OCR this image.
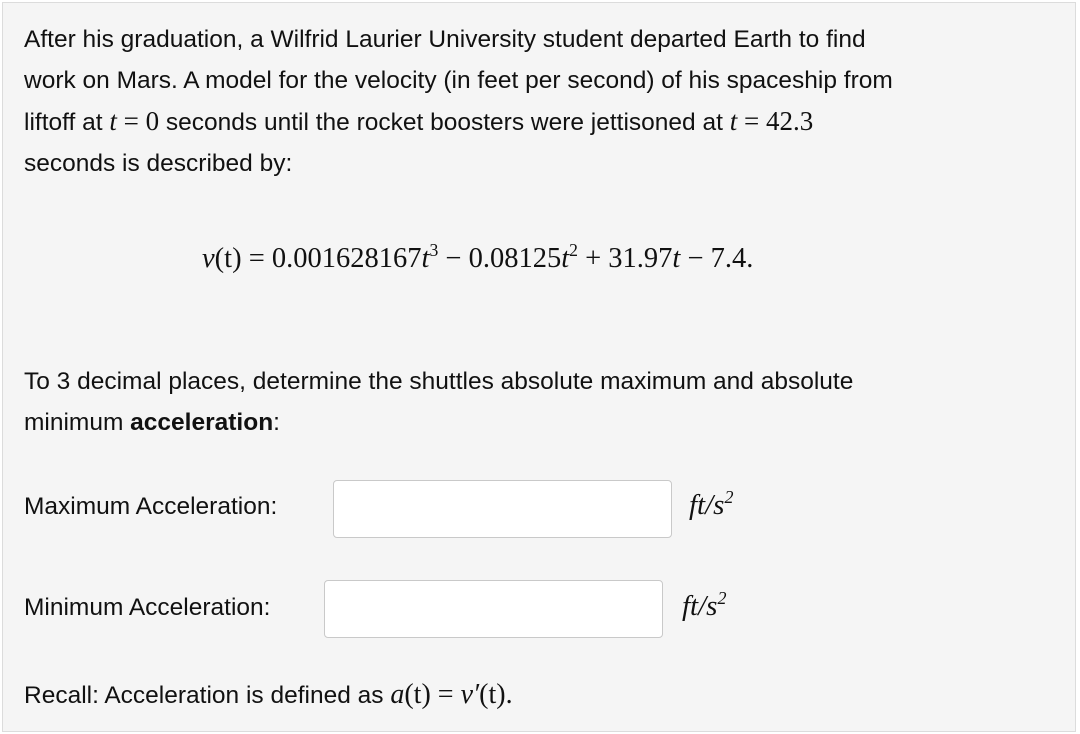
After his graduation, a Wilfrid Laurier University student departed Earth to find
work on Mars. A model for the velocity (in feet per second) of his spaceship from
liftoff at t = 0 seconds until the rocket boosters were jettisoned at t = 42.3
seconds is described by:

$v(t) = 0.001628167t^3 - 0.08125t^2 + 31.97t - 7.4$.

To 3 decimal places, determine the shuttles absolute maximum and absolute
minimum acceleration:

Maximum Acceleration:	$ft/s^2$
Minimum Acceleration:	$ft/s^2$
Recall: Acceleration is defined as a(t) = v′(t).
